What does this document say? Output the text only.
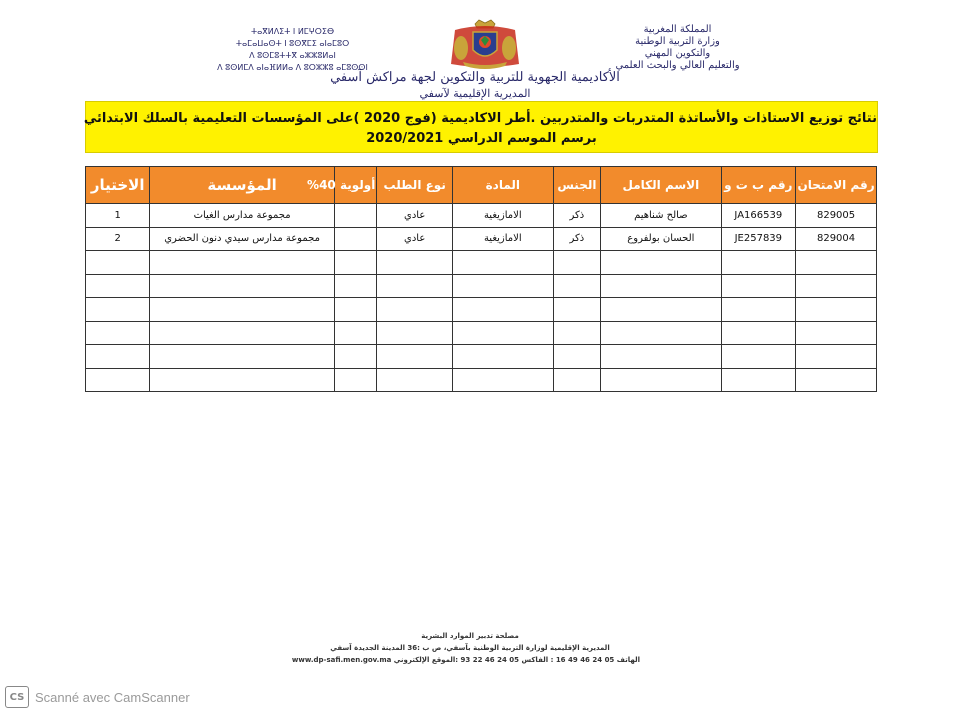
ⵜⴰⴳⵍⴷⵉⵜ ⵏ ⵍⵎⵖⵔⵉⴱ
ⵜⴰⵎⴰⵡⴰⵙⵜ ⵏ ⵓⵙⴳⵎⵉ ⴰⵏⴰⵎⵓⵔ
ⴷ ⵓⵙⵎⵓⵜⵜⴳ ⴰⵣⵣⵓⵍⴰⵏ
ⴷ ⵓⵙⵍⵎⴷ ⴰⵏⴰⴼⵍⵍⴰ ⴷ ⵓⵔⵣⵣⵓ ⴰⵎⵓⵙⵙⵏ
المملكة المغربية
وزارة التربية الوطنية
والتكوين المهني
والتعليم العالي والبحث العلمي
الأكاديمية الجهوية للتربية والتكوين لجهة مراكش آسفي
المديرية الإقليمية لآسفي
نتائج توزيع الاستاذات والأساتذة المتدربات والمتدربين .أطر الاكاديمية (فوج 2020 )على المؤسسات التعليمية بالسلك الابتدائي
برسم الموسم الدراسي 2020/2021
رقم الامتحان	رقم ب ت و	الاسم الكامل	الجنس	المادة	نوع الطلب	أولوية 40%	المؤسسة	الاختيار
829005	JA166539	صالح شناهيم	ذكر	الامازيغية	عادي		مجموعة مدارس الغيات	1
829004	JE257839	الحسان بولفروع	ذكر	الامازيغية	عادي		مجموعة مدارس سيدي دنون الحضري	2

مصلحة تدبير الموارد البشرية
المديرية الإقليمية لوزارة التربية الوطنية بآسفي، ص ب :36 المدينة الجديدة آسفي
الهاتف 05 24 46 49 16 : الفاكس 05 24 46 22 93 :الموقع الإلكتروني www.dp-safi.men.gov.ma
CS Scanné avec CamScanner
